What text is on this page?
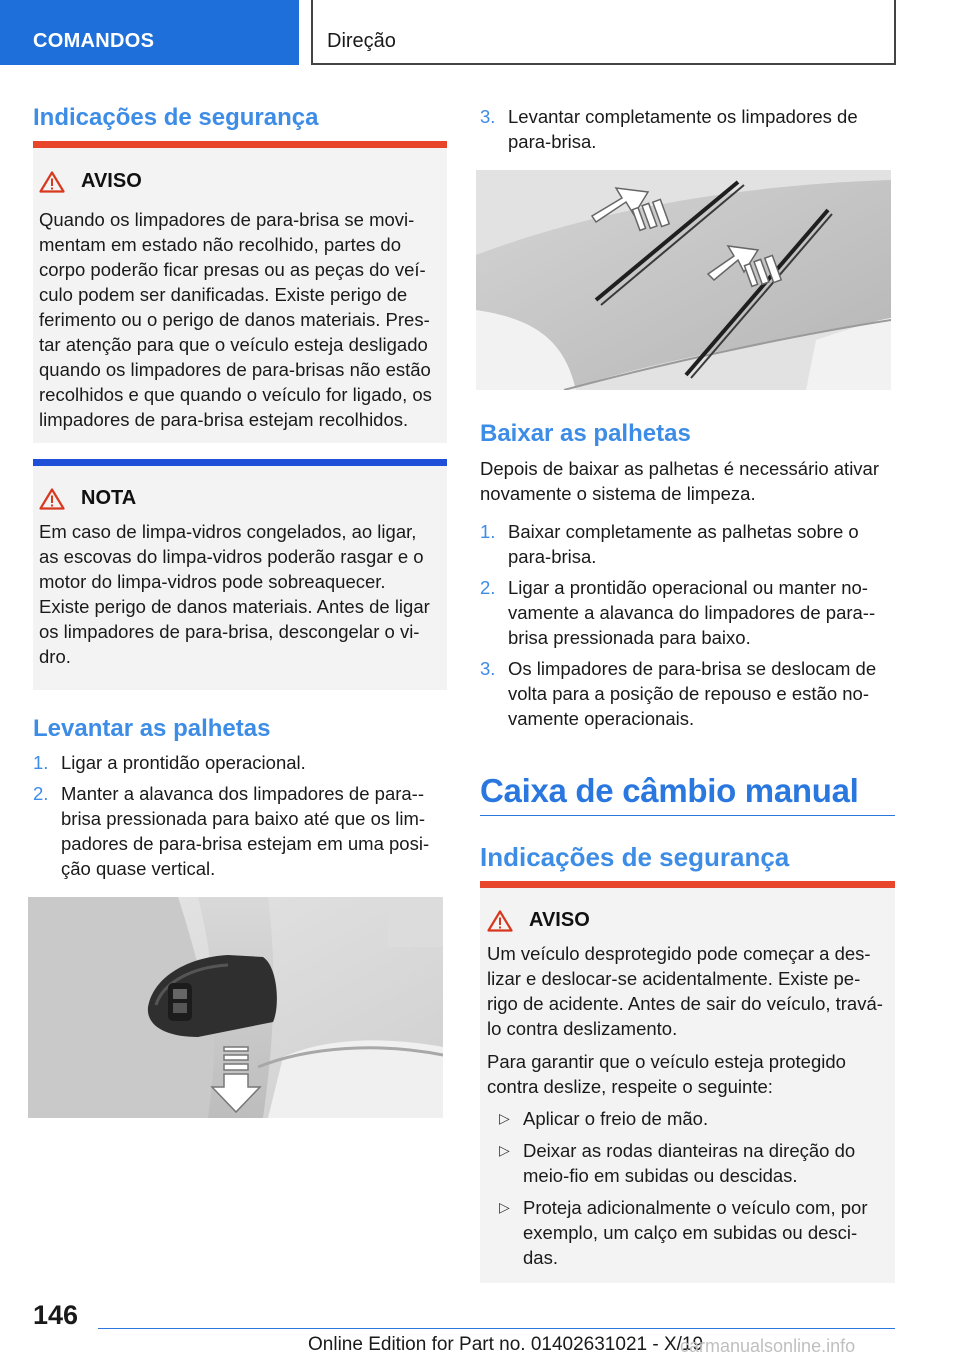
COMANDOS	Direção
Indicações de segurança
AVISO
Quando os limpadores de para-brisa se movi-mentam em estado não recolhido, partes do corpo poderão ficar presas ou as peças do veí-culo podem ser danificadas. Existe perigo de ferimento ou o perigo de danos materiais. Pres-tar atenção para que o veículo esteja desligado quando os limpadores de para-brisas não estão recolhidos e que quando o veículo for ligado, os limpadores de para-brisa estejam recolhidos.
NOTA
Em caso de limpa-vidros congelados, ao ligar, as escovas do limpa-vidros poderão rasgar e o motor do limpa-vidros pode sobreaquecer. Existe perigo de danos materiais. Antes de ligar os limpadores de para-brisa, descongelar o vi-dro.
Levantar as palhetas
1. Ligar a prontidão operacional.
2. Manter a alavanca dos limpadores de para--brisa pressionada para baixo até que os lim-padores de para-brisa estejam em uma posi-ção quase vertical.
3. Levantar completamente os limpadores de para-brisa.
Baixar as palhetas
Depois de baixar as palhetas é necessário ativar novamente o sistema de limpeza.
1. Baixar completamente as palhetas sobre o para-brisa.
2. Ligar a prontidão operacional ou manter no-vamente a alavanca do limpadores de para--brisa pressionada para baixo.
3. Os limpadores de para-brisa se deslocam de volta para a posição de repouso e estão no-vamente operacionais.
Caixa de câmbio manual
Indicações de segurança
AVISO
Um veículo desprotegido pode começar a des-lizar e deslocar-se acidentalmente. Existe pe-rigo de acidente. Antes de sair do veículo, travá-lo contra deslizamento.
Para garantir que o veículo esteja protegido contra deslize, respeite o seguinte:
▷ Aplicar o freio de mão.
▷ Deixar as rodas dianteiras na direção do meio-fio em subidas ou descidas.
▷ Proteja adicionalmente o veículo com, por exemplo, um calço em subidas ou desci-das.
146
Online Edition for Part no. 01402631021 - X/19
carmanualsonline.info
